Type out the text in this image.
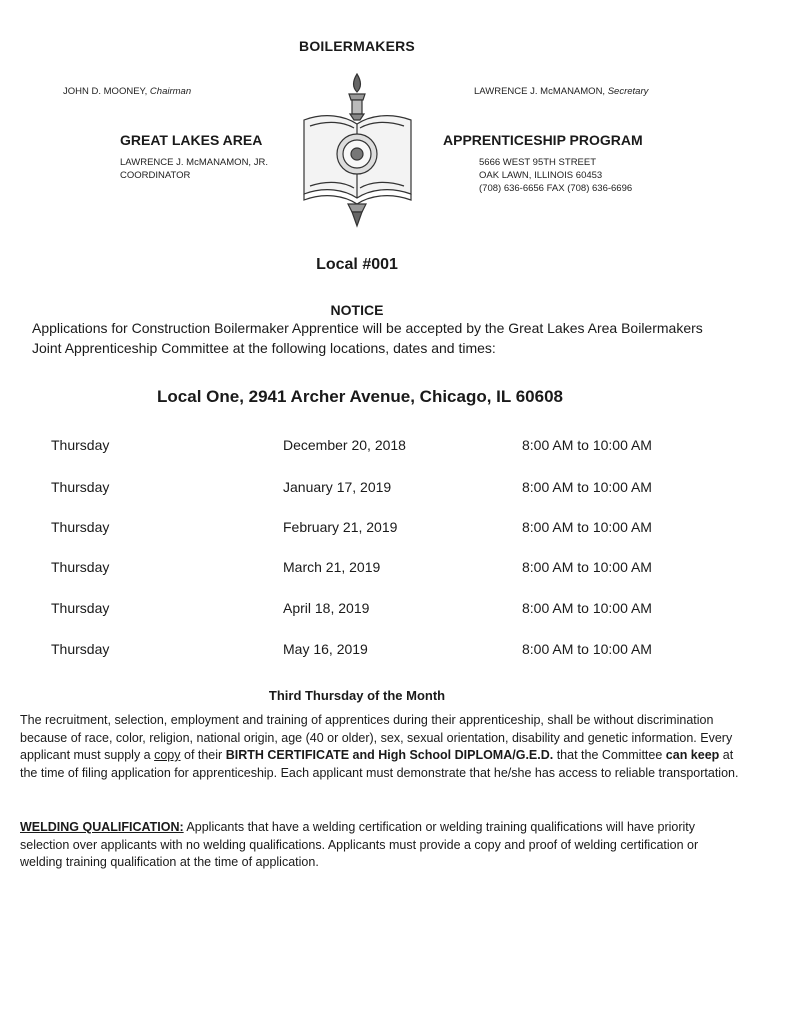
BOILERMAKERS
JOHN D. MOONEY, Chairman	LAWRENCE J. McMANAMON, Secretary
GREAT LAKES AREA
LAWRENCE J. McMANAMON, JR.
COORDINATOR
APPRENTICESHIP PROGRAM
5666 WEST 95TH STREET
OAK LAWN, ILLINOIS 60453
(708) 636-6656 FAX (708) 636-6696
Local #001
NOTICE
Applications for Construction Boilermaker Apprentice will be accepted by the Great Lakes Area Boilermakers Joint Apprenticeship Committee at the following locations, dates and times:
Local One, 2941 Archer Avenue, Chicago, IL 60608
Thursday	December 20, 2018	8:00 AM to 10:00 AM
Thursday	January 17, 2019	8:00 AM to 10:00 AM
Thursday	February 21, 2019	8:00 AM to 10:00 AM
Thursday	March 21, 2019	8:00 AM to 10:00 AM
Thursday	April 18, 2019	8:00 AM to 10:00 AM
Thursday	May 16, 2019	8:00 AM to 10:00 AM
Third Thursday of the Month
The recruitment, selection, employment and training of apprentices during their apprenticeship, shall be without discrimination because of race, color, religion, national origin, age (40 or older), sex, sexual orientation, disability and genetic information. Every applicant must supply a copy of their BIRTH CERTIFICATE and High School DIPLOMA/G.E.D. that the Committee can keep at the time of filing application for apprenticeship. Each applicant must demonstrate that he/she has access to reliable transportation.
WELDING QUALIFICATION: Applicants that have a welding certification or welding training qualifications will have priority selection over applicants with no welding qualifications. Applicants must provide a copy and proof of welding certification or welding training qualification at the time of application.
